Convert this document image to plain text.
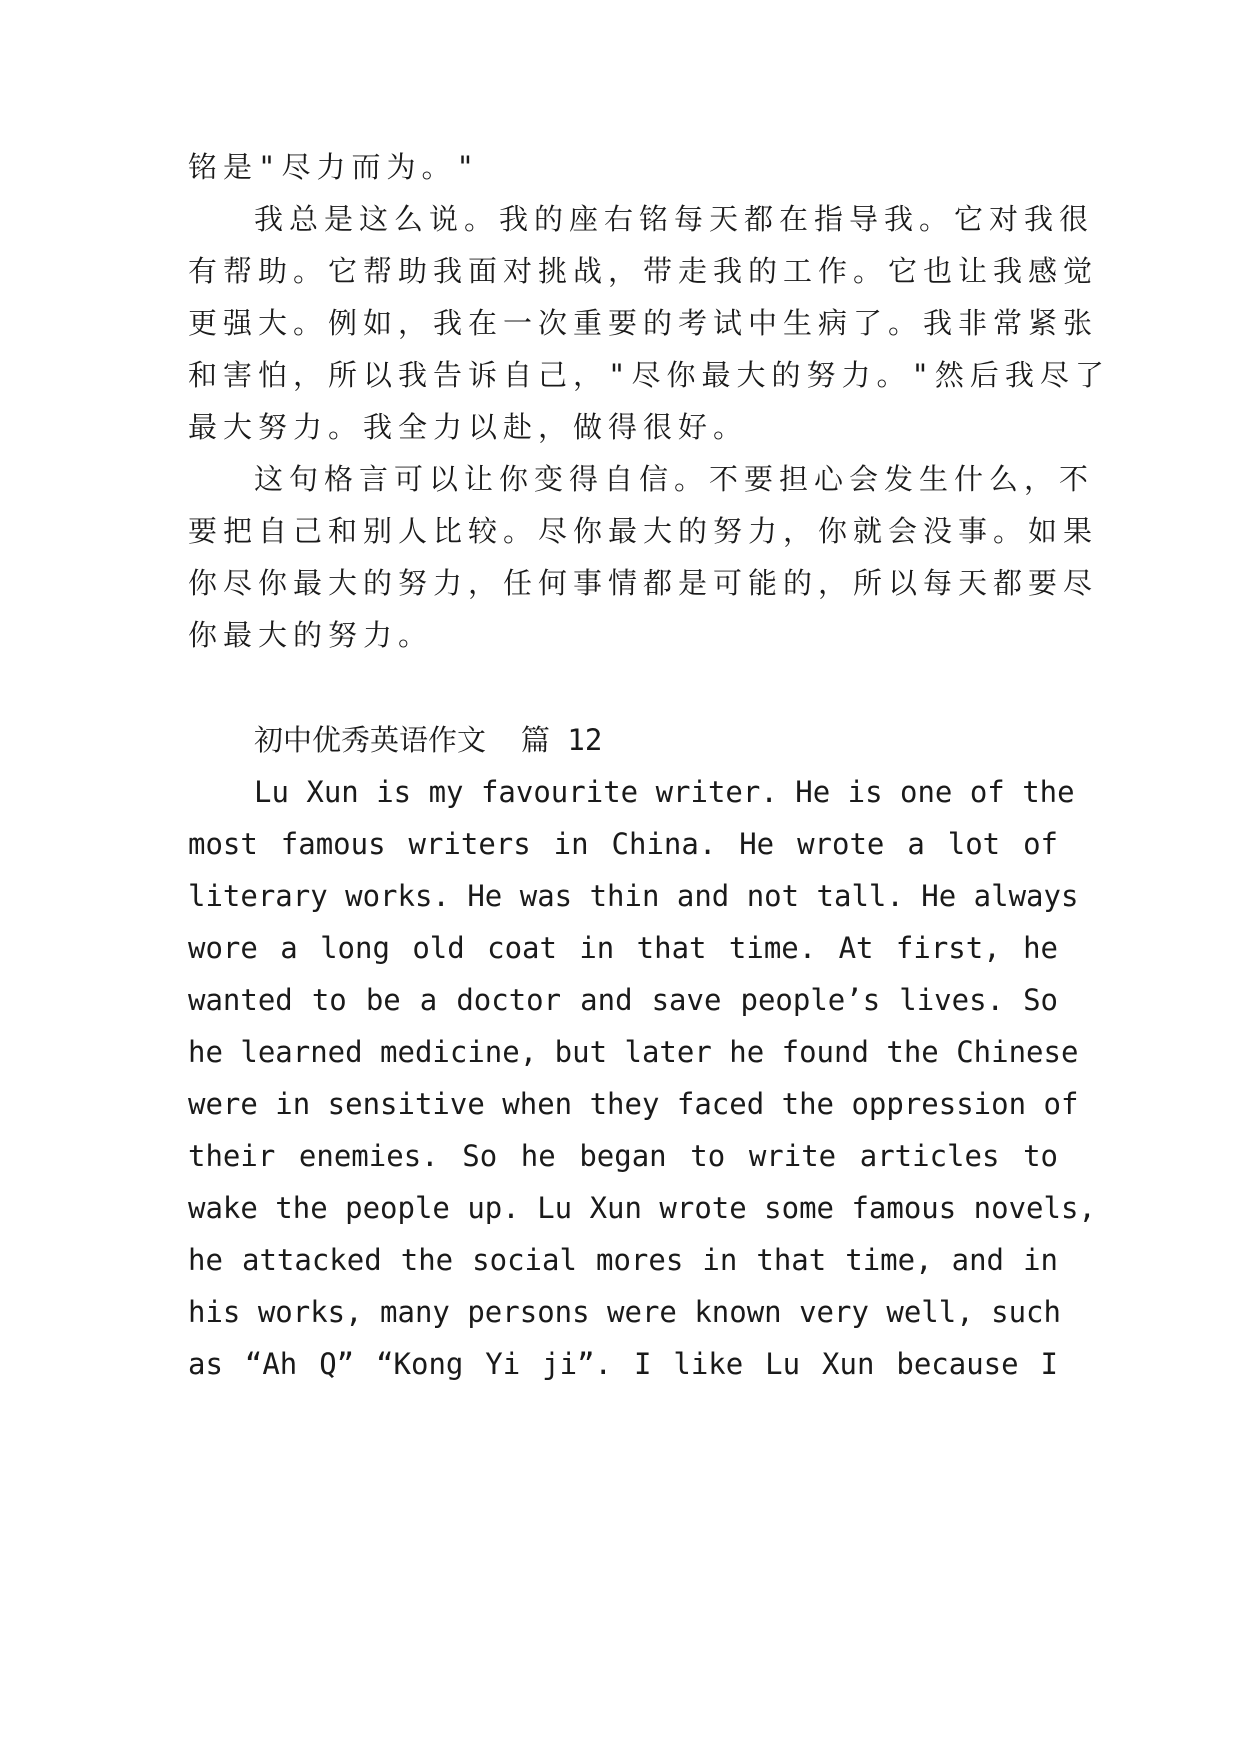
铭是"尽力而为。"
我总是这么说。我的座右铭每天都在指导我。它对我很
有帮助。它帮助我面对挑战，带走我的工作。它也让我感觉
更强大。例如，我在一次重要的考试中生病了。我非常紧张
和害怕，所以我告诉自己，"尽你最大的努力。"然后我尽了
最大努力。我全力以赴，做得很好。
这句格言可以让你变得自信。不要担心会发生什么，不
要把自己和别人比较。尽你最大的努力，你就会没事。如果
你尽你最大的努力，任何事情都是可能的，所以每天都要尽
你最大的努力。
初中优秀英语作文  篇 12
Lu Xun is my favourite writer. He is one of the
most famous writers in China. He wrote a lot of
literary works. He was thin and not tall. He always
wore a long old coat in that time. At first, he
wanted to be a doctor and save people’s lives. So
he learned medicine, but later he found the Chinese
were in sensitive when they faced the oppression of
their enemies. So he began to write articles to
wake the people up. Lu Xun wrote some famous novels,
he attacked the social mores in that time, and in
his works, many persons were known very well, such
as “Ah Q” “Kong Yi ji”. I like Lu Xun because I
